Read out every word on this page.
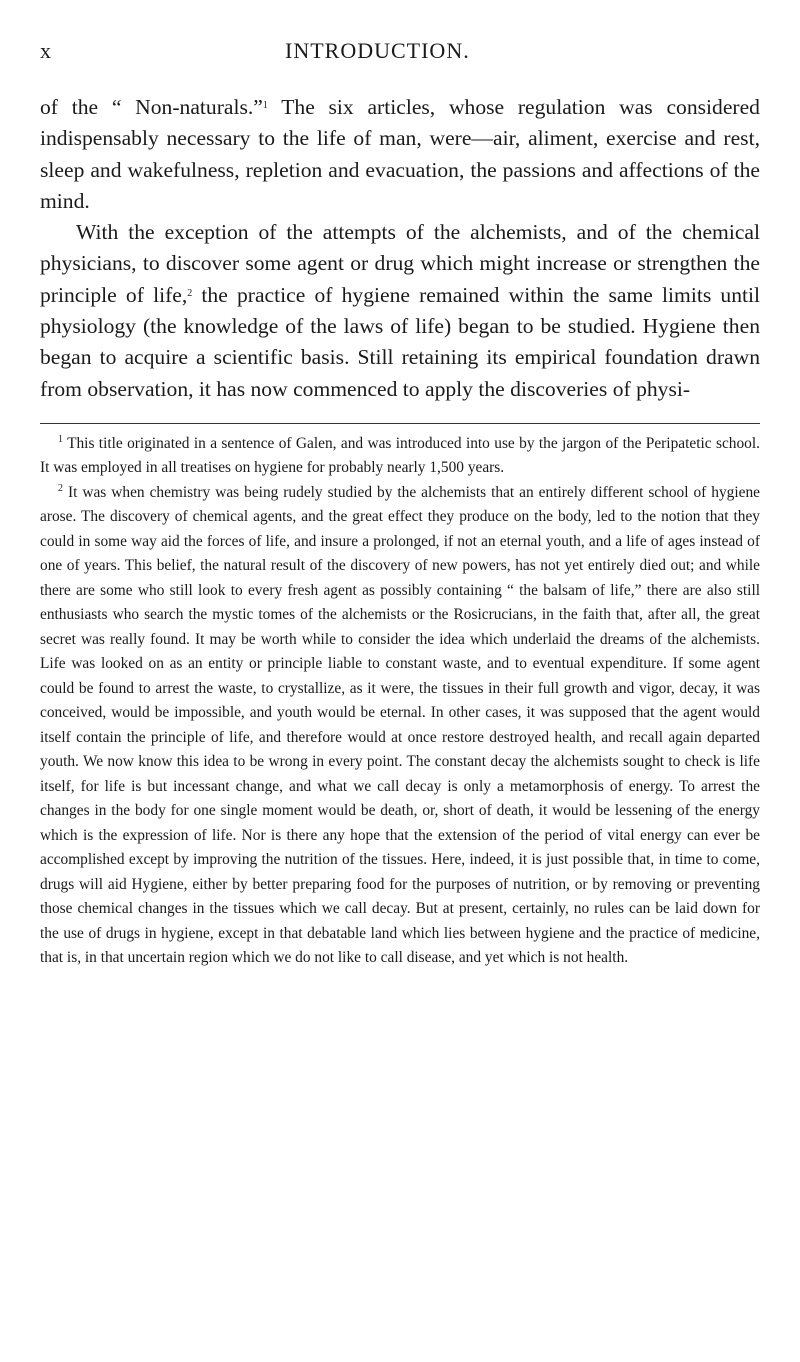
x	INTRODUCTION.

of the “ Non-naturals.”$^1$ The six articles, whose regulation was considered indispensably necessary to the life of man, were—air, aliment, exercise and rest, sleep and wakefulness, repletion and evacuation, the passions and affections of the mind.

With the exception of the attempts of the alchemists, and of the chemical physicians, to discover some agent or drug which might increase or strengthen the principle of life,$^2$ the practice of hygiene remained within the same limits until physiology (the knowledge of the laws of life) began to be studied. Hygiene then began to acquire a scientific basis. Still retaining its empirical foundation drawn from observation, it has now commenced to apply the discoveries of physi-

$^1$ This title originated in a sentence of Galen, and was introduced into use by the jargon of the Peripatetic school. It was employed in all treatises on hygiene for probably nearly 1,500 years.

$^2$ It was when chemistry was being rudely studied by the alchemists that an entirely different school of hygiene arose. The discovery of chemical agents, and the great effect they produce on the body, led to the notion that they could in some way aid the forces of life, and insure a prolonged, if not an eternal youth, and a life of ages instead of one of years. This belief, the natural result of the discovery of new powers, has not yet entirely died out; and while there are some who still look to every fresh agent as possibly containing “ the balsam of life,” there are also still enthusiasts who search the mystic tomes of the alchemists or the Rosicrucians, in the faith that, after all, the great secret was really found. It may be worth while to consider the idea which underlaid the dreams of the alchemists. Life was looked on as an entity or principle liable to constant waste, and to eventual expenditure. If some agent could be found to arrest the waste, to crystallize, as it were, the tissues in their full growth and vigor, decay, it was conceived, would be impossible, and youth would be eternal. In other cases, it was supposed that the agent would itself contain the principle of life, and therefore would at once restore destroyed health, and recall again departed youth. We now know this idea to be wrong in every point. The constant decay the alchemists sought to check is life itself, for life is but incessant change, and what we call decay is only a metamorphosis of energy. To arrest the changes in the body for one single moment would be death, or, short of death, it would be lessening of the energy which is the expression of life. Nor is there any hope that the extension of the period of vital energy can ever be accomplished except by improving the nutrition of the tissues. Here, indeed, it is just possible that, in time to come, drugs will aid Hygiene, either by better preparing food for the purposes of nutrition, or by removing or preventing those chemical changes in the tissues which we call decay. But at present, certainly, no rules can be laid down for the use of drugs in hygiene, except in that debatable land which lies between hygiene and the practice of medicine, that is, in that uncertain region which we do not like to call disease, and yet which is not health.
